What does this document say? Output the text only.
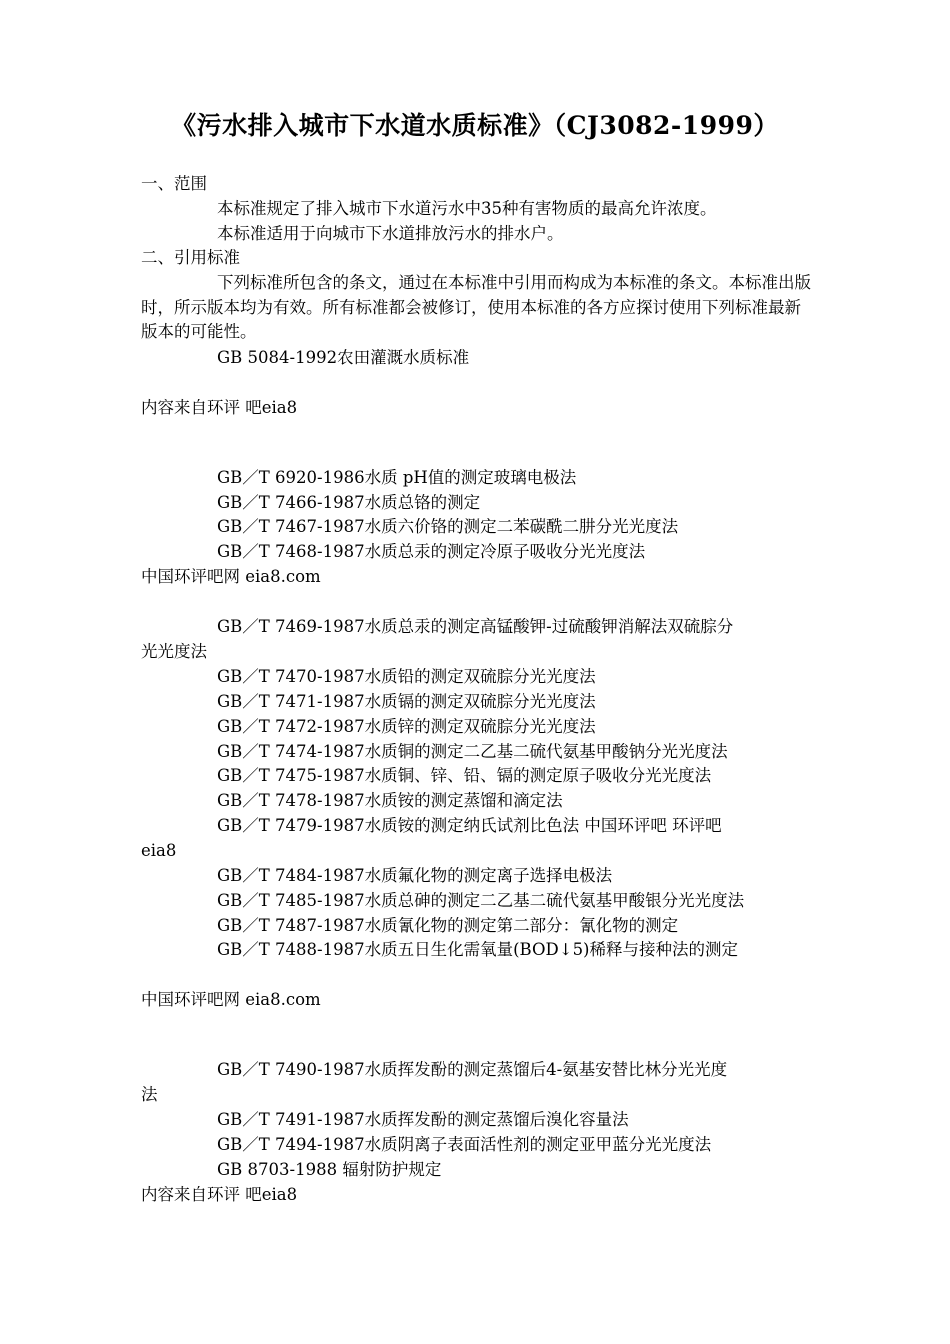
《污水排入城市下水道水质标准》（CJ3082-1999）
一、范围
本标准规定了排入城市下水道污水中35种有害物质的最高允许浓度。
本标准适用于向城市下水道排放污水的排水户。
二、引用标准
下列标准所包含的条文，通过在本标准中引用而构成为本标准的条文。本标准出版时，所示版本均为有效。所有标准都会被修订，使用本标准的各方应探讨使用下列标准最新版本的可能性。
GB 5084-1992农田灌溉水质标准
内容来自环评 吧eia8
GB／T 6920-1986水质 pH值的测定玻璃电极法
GB／T 7466-1987水质总铬的测定
GB／T 7467-1987水质六价铬的测定二苯碳酰二肼分光光度法
GB／T 7468-1987水质总汞的测定冷原子吸收分光光度法
中国环评吧网 eia8.com
GB／T 7469-1987水质总汞的测定高锰酸钾-过硫酸钾消解法双硫腙分
光光度法
GB／T 7470-1987水质铅的测定双硫腙分光光度法
GB／T 7471-1987水质镉的测定双硫腙分光光度法
GB／T 7472-1987水质锌的测定双硫腙分光光度法
GB／T 7474-1987水质铜的测定二乙基二硫代氨基甲酸钠分光光度法
GB／T 7475-1987水质铜、锌、铅、镉的测定原子吸收分光光度法
GB／T 7478-1987水质铵的测定蒸馏和滴定法
GB／T 7479-1987水质铵的测定纳氏试剂比色法 中国环评吧 环评吧
eia8
GB／T 7484-1987水质氟化物的测定离子选择电极法
GB／T 7485-1987水质总砷的测定二乙基二硫代氨基甲酸银分光光度法
GB／T 7487-1987水质氰化物的测定第二部分：氰化物的测定
GB／T 7488-1987水质五日生化需氧量(BOD↓5)稀释与接种法的测定
中国环评吧网 eia8.com
GB／T 7490-1987水质挥发酚的测定蒸馏后4-氨基安替比林分光光度
法
GB／T 7491-1987水质挥发酚的测定蒸馏后溴化容量法
GB／T 7494-1987水质阴离子表面活性剂的测定亚甲蓝分光光度法
GB 8703-1988 辐射防护规定
内容来自环评 吧eia8
